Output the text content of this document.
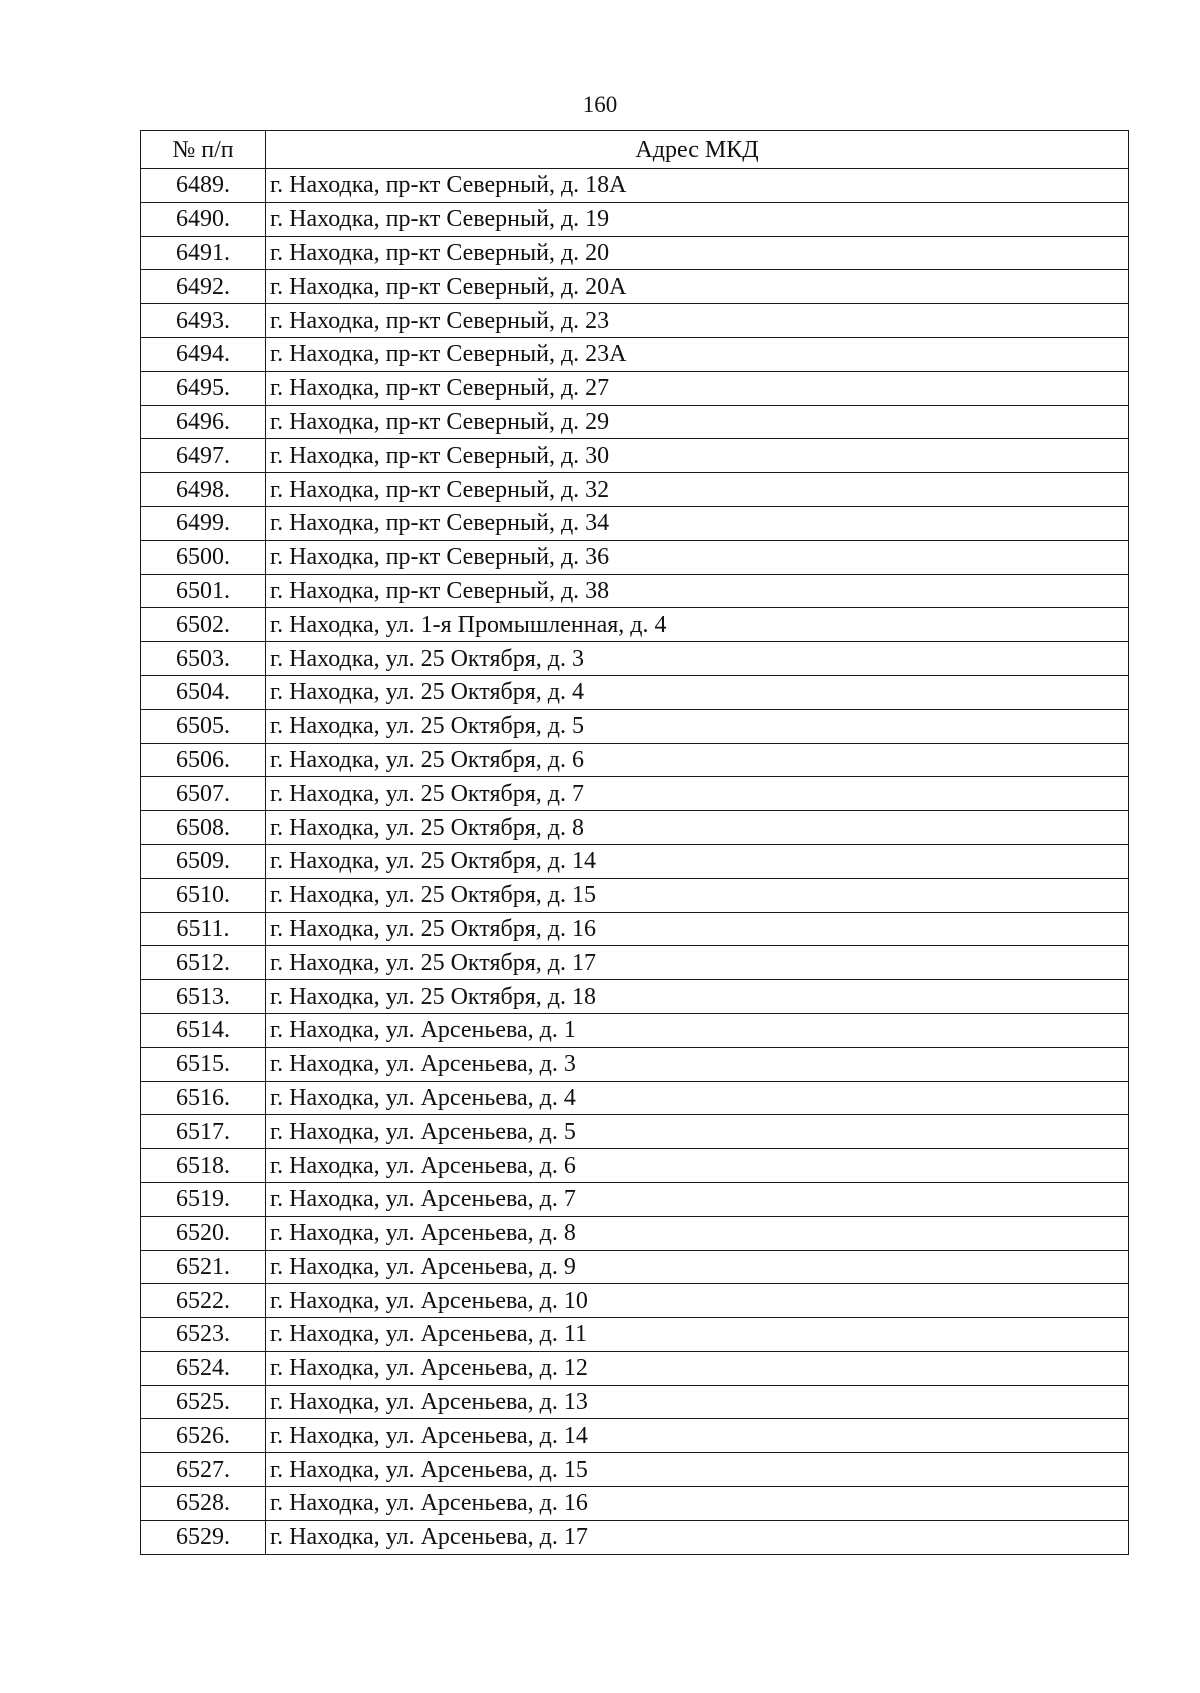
160
№ п/п	Адрес МКД
6489.	г. Находка, пр-кт Северный, д. 18А
6490.	г. Находка, пр-кт Северный, д. 19
6491.	г. Находка, пр-кт Северный, д. 20
6492.	г. Находка, пр-кт Северный, д. 20А
6493.	г. Находка, пр-кт Северный, д. 23
6494.	г. Находка, пр-кт Северный, д. 23А
6495.	г. Находка, пр-кт Северный, д. 27
6496.	г. Находка, пр-кт Северный, д. 29
6497.	г. Находка, пр-кт Северный, д. 30
6498.	г. Находка, пр-кт Северный, д. 32
6499.	г. Находка, пр-кт Северный, д. 34
6500.	г. Находка, пр-кт Северный, д. 36
6501.	г. Находка, пр-кт Северный, д. 38
6502.	г. Находка, ул. 1-я Промышленная, д. 4
6503.	г. Находка, ул. 25 Октября, д. 3
6504.	г. Находка, ул. 25 Октября, д. 4
6505.	г. Находка, ул. 25 Октября, д. 5
6506.	г. Находка, ул. 25 Октября, д. 6
6507.	г. Находка, ул. 25 Октября, д. 7
6508.	г. Находка, ул. 25 Октября, д. 8
6509.	г. Находка, ул. 25 Октября, д. 14
6510.	г. Находка, ул. 25 Октября, д. 15
6511.	г. Находка, ул. 25 Октября, д. 16
6512.	г. Находка, ул. 25 Октября, д. 17
6513.	г. Находка, ул. 25 Октября, д. 18
6514.	г. Находка, ул. Арсеньева, д. 1
6515.	г. Находка, ул. Арсеньева, д. 3
6516.	г. Находка, ул. Арсеньева, д. 4
6517.	г. Находка, ул. Арсеньева, д. 5
6518.	г. Находка, ул. Арсеньева, д. 6
6519.	г. Находка, ул. Арсеньева, д. 7
6520.	г. Находка, ул. Арсеньева, д. 8
6521.	г. Находка, ул. Арсеньева, д. 9
6522.	г. Находка, ул. Арсеньева, д. 10
6523.	г. Находка, ул. Арсеньева, д. 11
6524.	г. Находка, ул. Арсеньева, д. 12
6525.	г. Находка, ул. Арсеньева, д. 13
6526.	г. Находка, ул. Арсеньева, д. 14
6527.	г. Находка, ул. Арсеньева, д. 15
6528.	г. Находка, ул. Арсеньева, д. 16
6529.	г. Находка, ул. Арсеньева, д. 17
